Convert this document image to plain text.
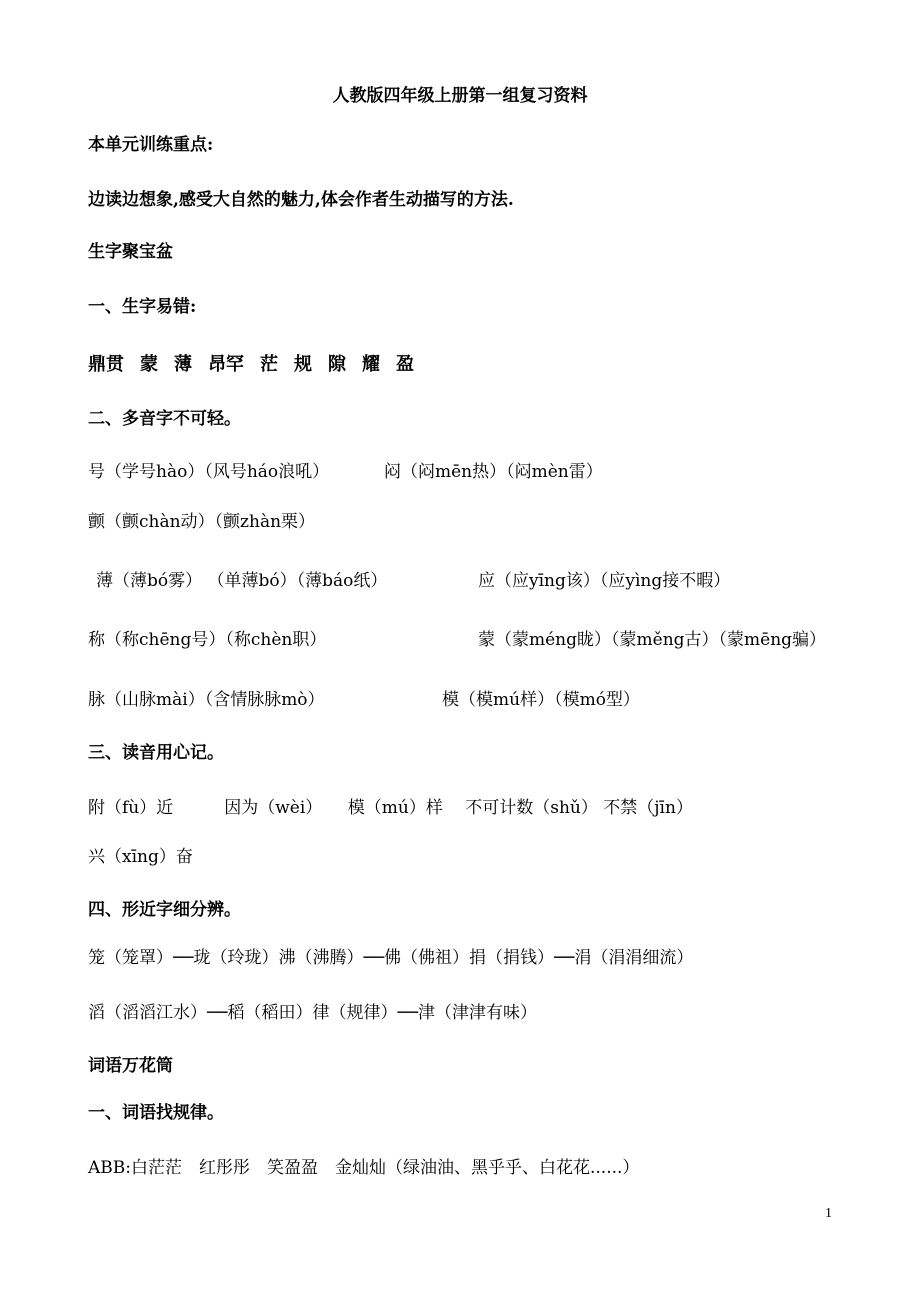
人教版四年级上册第一组复习资料
本单元训练重点:
边读边想象,感受大自然的魅力,体会作者生动描写的方法.
生字聚宝盆
一、生字易错:
鼎贯 蒙 薄 昂罕 茫 规 隙 耀 盈
二、多音字不可轻。
号（学号hào）（风号háo浪吼）	闷（闷mēn热）（闷mèn雷）
颤（颤chàn动）（颤zhàn栗）
薄（薄bó雾） （单薄bó）（薄báo纸）	应（应yīng该）（应yìng接不暇）
称（称chēng号）（称chèn职）	蒙（蒙méng眬）（蒙měng古）（蒙mēng骗）
脉（山脉mài）（含情脉脉mò）	模（模mú样）（模mó型）
三、读音用心记。
附（fù）近　　　因为（wèi）　　模（mú）样　 不可计数（shǔ） 不禁（jīn）
兴（xīng）奋
四、形近字细分辨。
笼（笼罩）──珑（玲珑）沸（沸腾）──佛（佛祖）捐（捐钱）──涓（涓涓细流）
滔（滔滔江水）──稻（稻田）律（规律）──津（津津有味）
词语万花筒
一、词语找规律。
ABB:白茫茫　红彤彤　笑盈盈　金灿灿（绿油油、黑乎乎、白花花......）
1
